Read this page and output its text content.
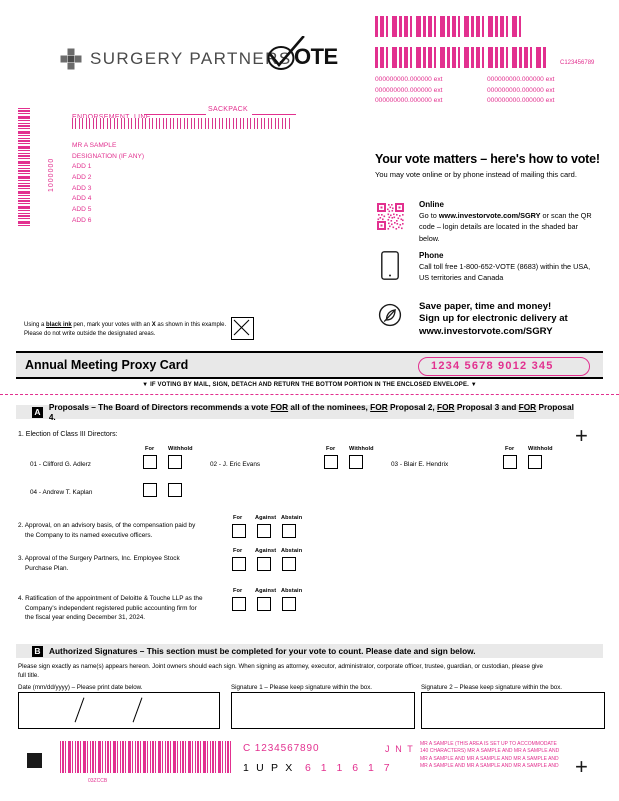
SURGERY PARTNERS OTE
1000000
SACKPACK
MR A SAMPLE
DESIGNATION (IF ANY)
ADD 1
ADD 2
ADD 3
ADD 4
ADD 5
ADD 6
C123456789
000000000.000000 ext
000000000.000000 ext
000000000.000000 ext
000000000.000000 ext
000000000.000000 ext
000000000.000000 ext
Your vote matters – here's how to vote!
You may vote online or by phone instead of mailing this card.
Online
Go to www.investorvote.com/SGRY or scan the QR code – login details are located in the shaded bar below.
Phone
Call toll free 1-800-652-VOTE (8683) within the USA, US territories and Canada
Save paper, time and money!
Sign up for electronic delivery at
www.investorvote.com/SGRY
Using a black ink pen, mark your votes with an X as shown in this example.
Please do not write outside the designated areas.
Annual Meeting Proxy Card	1234 5678 9012 345
▼ IF VOTING BY MAIL, SIGN, DETACH AND RETURN THE BOTTOM PORTION IN THE ENCLOSED ENVELOPE. ▼
A Proposals – The Board of Directors recommends a vote FOR all of the nominees, FOR Proposal 2, FOR Proposal 3 and FOR Proposal 4.
1. Election of Class III Directors:	+
+
For Withhold	For Withhold	For Withhold
01 - Clifford G. Adlerz	02 - J. Eric Evans	03 - Blair E. Hendrix
04 - Andrew T. Kaplan
For Against Abstain
2. Approval, on an advisory basis, of the compensation paid by
the Company to its named executive officers.
For Against Abstain
3. Approval of the Surgery Partners, Inc. Employee Stock
Purchase Plan.
For Against Abstain
4. Ratification of the appointment of Deloitte & Touche LLP as the
Company's independent registered public accounting firm for
the fiscal year ending December 31, 2024.
B Authorized Signatures – This section must be completed for your vote to count. Please date and sign below.
Please sign exactly as name(s) appears hereon. Joint owners should each sign. When signing as attorney, executor, administrator, corporate officer, trustee, guardian, or custodian, please give
full title.
Date (mm/dd/yyyy) – Please print date below.	Signature 1 – Please keep signature within the box.	Signature 2 – Please keep signature within the box.
03ZCCB
C 1234567890	J N T
1 U P X 6 1 1 6 1 7
MR A SAMPLE (THIS AREA IS SET UP TO ACCOMMODATE
140 CHARACTERS) MR A SAMPLE AND MR A SAMPLE AND
MR A SAMPLE AND MR A SAMPLE AND MR A SAMPLE AND
MR A SAMPLE AND MR A SAMPLE AND MR A SAMPLE AND
